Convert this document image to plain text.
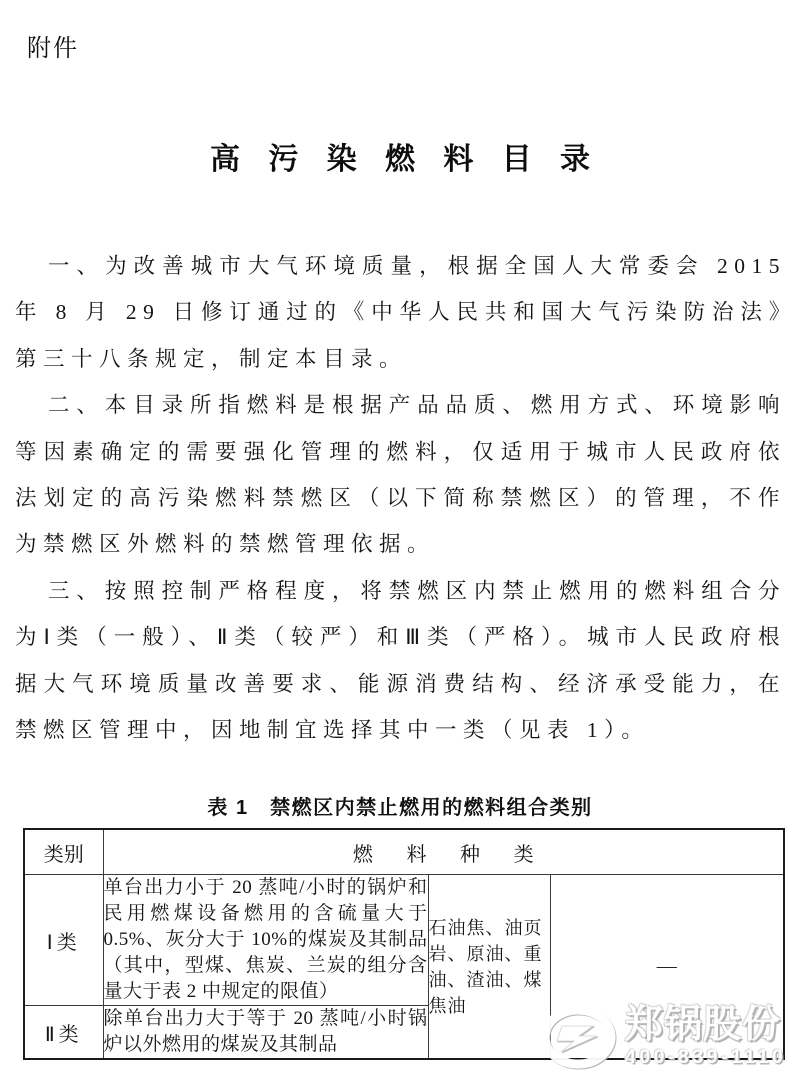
附件
高 污 染 燃 料 目 录

一、为改善城市大气环境质量，根据全国人大常委会 2015 年 8 月 29 日修订通过的《中华人民共和国大气污染防治法》第三十八条规定，制定本目录。

二、本目录所指燃料是根据产品品质、燃用方式、环境影响等因素确定的需要强化管理的燃料，仅适用于城市人民政府依法划定的高污染燃料禁燃区（以下简称禁燃区）的管理，不作为禁燃区外燃料的禁燃管理依据。

三、按照控制严格程度，将禁燃区内禁止燃用的燃料组合分为Ⅰ类（一般）、Ⅱ类（较严）和Ⅲ类（严格）。城市人民政府根据大气环境质量改善要求、能源消费结构、经济承受能力，在禁燃区管理中，因地制宜选择其中一类（见表 1）。

表 1　禁燃区内禁止燃用的燃料组合类别
类别	燃 料 种 类		
Ⅰ类	单台出力小于 20 蒸吨/小时的锅炉和民用燃煤设备燃用的含硫量大于 0.5%、灰分大于 10%的煤炭及其制品（其中，型煤、焦炭、兰炭的组分含量大于表 2 中规定的限值）	石油焦、油页岩、原油、重油、渣油、煤焦油	—
Ⅱ类	除单台出力大于等于 20 蒸吨/小时锅炉以外燃用的煤炭及其制品			郑锅股份
400-839-1110
